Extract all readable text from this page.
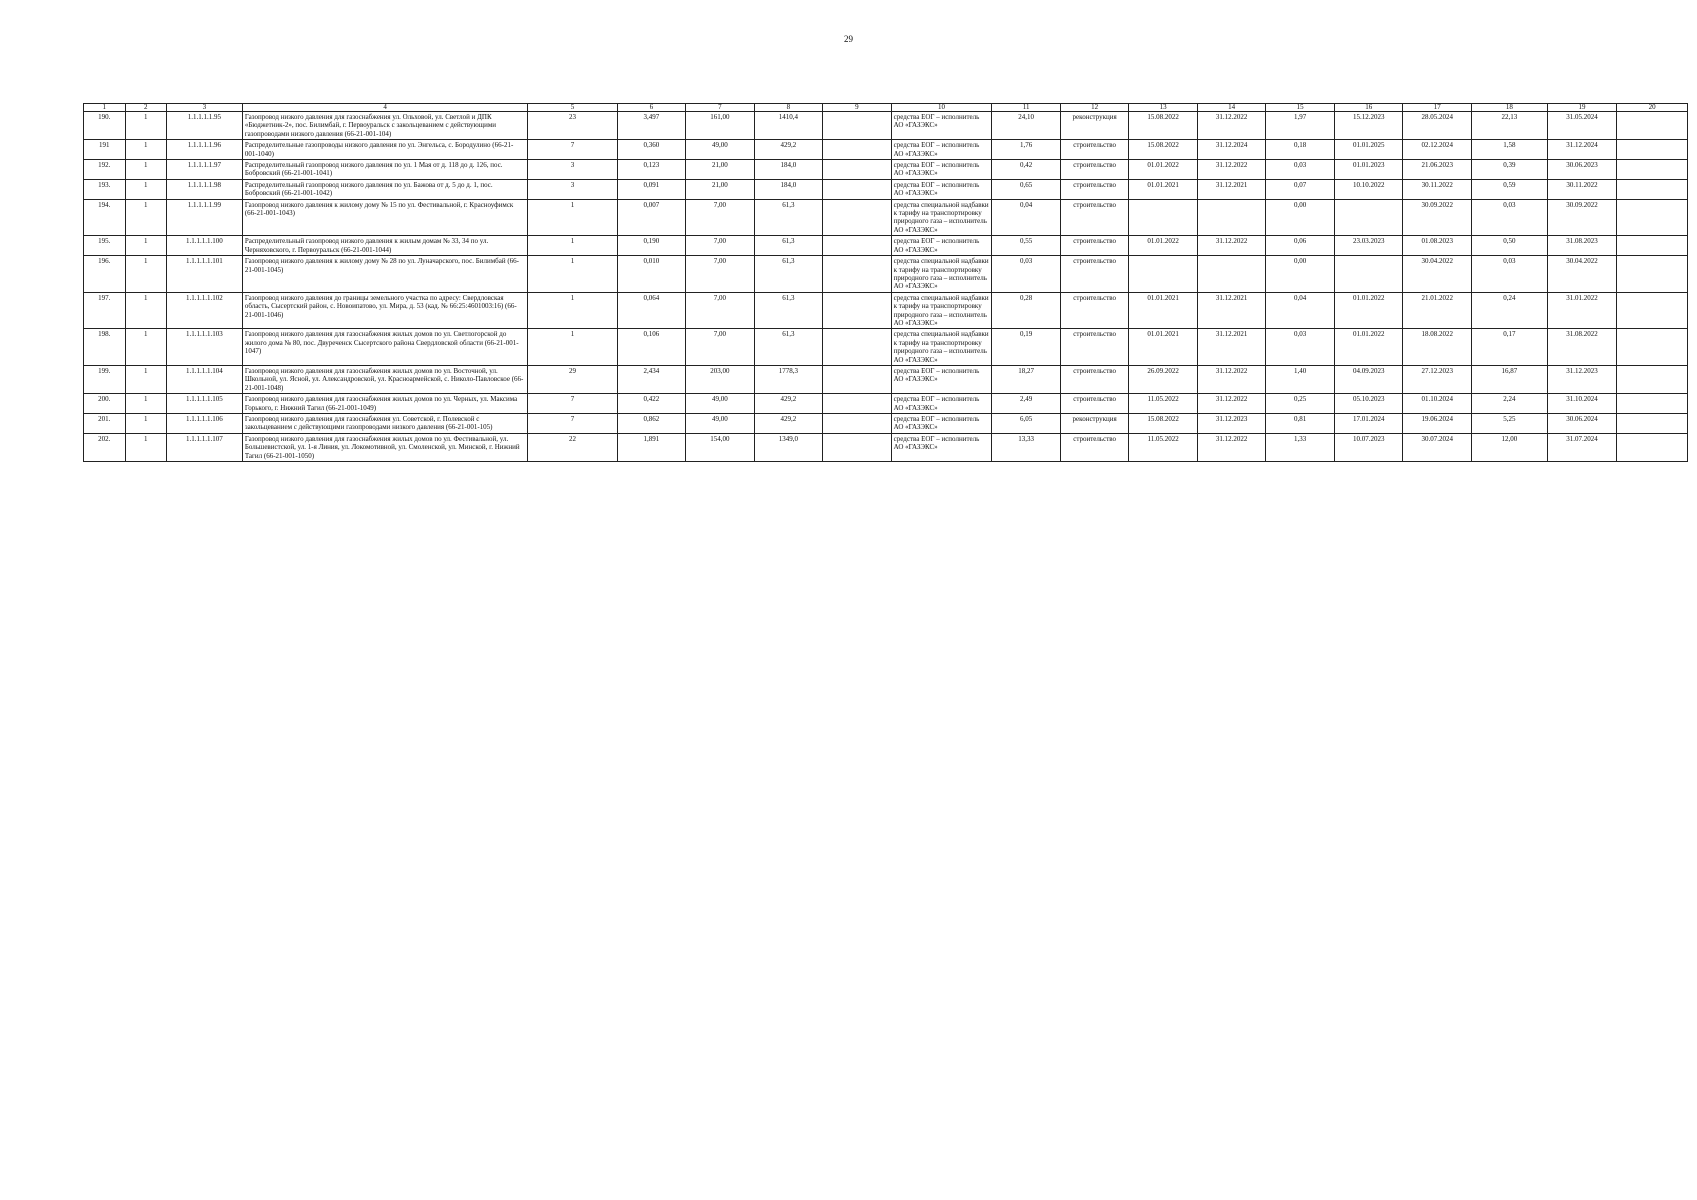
29
1	2	3	4	5	6	7	8	9	10	11	12	13	14	15	16	17	18	19	20
190.	1	1.1.1.1.1.95	Газопровод низкого давления для газоснабжения ул. Ольховой, ул. Светлой и ДПК «Бюджетник-2», пос. Билимбай, г. Первоуральск с закольцеванием с действующими газопроводами низкого давления (66-21-001-104)	23	3,497	161,00	1410,4		средства ЕОГ – исполнитель АО «ГАЗЭКС»	24,10	реконструкция	15.08.2022	31.12.2022	1,97	15.12.2023	28.05.2024	22,13	31.05.2024	
191	1	1.1.1.1.1.96	Распределительные газопроводы низкого давления по ул. Энгельса, с. Бородулино (66-21-001-1040)	7	0,360	49,00	429,2		средства ЕОГ – исполнитель АО «ГАЗЭКС»	1,76	строительство	15.08.2022	31.12.2024	0,18	01.01.2025	02.12.2024	1,58	31.12.2024	
192.	1	1.1.1.1.1.97	Распределительный газопровод низкого давления по ул. 1 Мая от д. 118 до д. 126, пос. Бобровский (66-21-001-1041)	3	0,123	21,00	184,0		средства ЕОГ – исполнитель АО «ГАЗЭКС»	0,42	строительство	01.01.2022	31.12.2022	0,03	01.01.2023	21.06.2023	0,39	30.06.2023	
193.	1	1.1.1.1.1.98	Распределительный газопровод низкого давления по ул. Бажова от д. 5 до д. 1, пос. Бобровский (66-21-001-1042)	3	0,091	21,00	184,0		средства ЕОГ – исполнитель АО «ГАЗЭКС»	0,65	строительство	01.01.2021	31.12.2021	0,07	10.10.2022	30.11.2022	0,59	30.11.2022	
194.	1	1.1.1.1.1.99	Газопровод низкого давления к жилому дому № 15 по ул. Фестивальной, г. Красноуфимск (66-21-001-1043)	1	0,007	7,00	61,3		средства специальной надбавки к тарифу на транспортировку природного газа – исполнитель АО «ГАЗЭКС»	0,04	строительство			0,00		30.09.2022	0,03	30.09.2022	
195.	1	1.1.1.1.1.100	Распределительный газопровод низкого давления к жилым домам № 33, 34 по ул. Черняховского, г. Первоуральск (66-21-001-1044)	1	0,190	7,00	61,3		средства ЕОГ – исполнитель АО «ГАЗЭКС»	0,55	строительство	01.01.2022	31.12.2022	0,06	23.03.2023	01.08.2023	0,50	31.08.2023	
196.	1	1.1.1.1.1.101	Газопровод низкого давления к жилому дому № 28 по ул. Луначарского, пос. Билимбай (66-21-001-1045)	1	0,010	7,00	61,3		средства специальной надбавки к тарифу на транспортировку природного газа – исполнитель АО «ГАЗЭКС»	0,03	строительство			0,00		30.04.2022	0,03	30.04.2022	
197.	1	1.1.1.1.1.102	Газопровод низкого давления до границы земельного участка по адресу: Свердловская область, Сысертский район, с. Новоипатово, ул. Мира, д. 53 (кад. № 66:25:4601003:16) (66-21-001-1046)	1	0,064	7,00	61,3		средства специальной надбавки к тарифу на транспортировку природного газа – исполнитель АО «ГАЗЭКС»	0,28	строительство	01.01.2021	31.12.2021	0,04	01.01.2022	21.01.2022	0,24	31.01.2022	
198.	1	1.1.1.1.1.103	Газопровод низкого давления для газоснабжения жилых домов по ул. Светлогорской до жилого дома № 80, пос. Двуреченск Сысертского района Свердловской области (66-21-001-1047)	1	0,106	7,00	61,3		средства специальной надбавки к тарифу на транспортировку природного газа – исполнитель АО «ГАЗЭКС»	0,19	строительство	01.01.2021	31.12.2021	0,03	01.01.2022	18.08.2022	0,17	31.08.2022	
199.	1	1.1.1.1.1.104	Газопровод низкого давления для газоснабжения жилых домов по ул. Восточной, ул. Школьной, ул. Ясной, ул. Александровской, ул. Красноармейской, с. Николо-Павловское (66-21-001-1048)	29	2,434	203,00	1778,3		средства ЕОГ – исполнитель АО «ГАЗЭКС»	18,27	строительство	26.09.2022	31.12.2022	1,40	04.09.2023	27.12.2023	16,87	31.12.2023	
200.	1	1.1.1.1.1.105	Газопровод низкого давления для газоснабжения жилых домов по ул. Черных, ул. Максима Горького, г. Нижний Тагил (66-21-001-1049)	7	0,422	49,00	429,2		средства ЕОГ – исполнитель АО «ГАЗЭКС»	2,49	строительство	11.05.2022	31.12.2022	0,25	05.10.2023	01.10.2024	2,24	31.10.2024	
201.	1	1.1.1.1.1.106	Газопровод низкого давления для газоснабжения ул. Советской, г. Полевской с закольцеванием с действующими газопроводами низкого давления (66-21-001-105)	7	0,862	49,00	429,2		средства ЕОГ – исполнитель АО «ГАЗЭКС»	6,05	реконструкция	15.08.2022	31.12.2023	0,81	17.01.2024	19.06.2024	5,25	30.06.2024	
202.	1	1.1.1.1.1.107	Газопровод низкого давления для газоснабжения жилых домов по ул. Фестивальной, ул. Большевистской, ул. 1-я Линия, ул. Локомотивной, ул. Смоленской, ул. Минской, г. Нижний Тагил (66-21-001-1050)	22	1,891	154,00	1349,0		средства ЕОГ – исполнитель АО «ГАЗЭКС»	13,33	строительство	11.05.2022	31.12.2022	1,33	10.07.2023	30.07.2024	12,00	31.07.2024	
